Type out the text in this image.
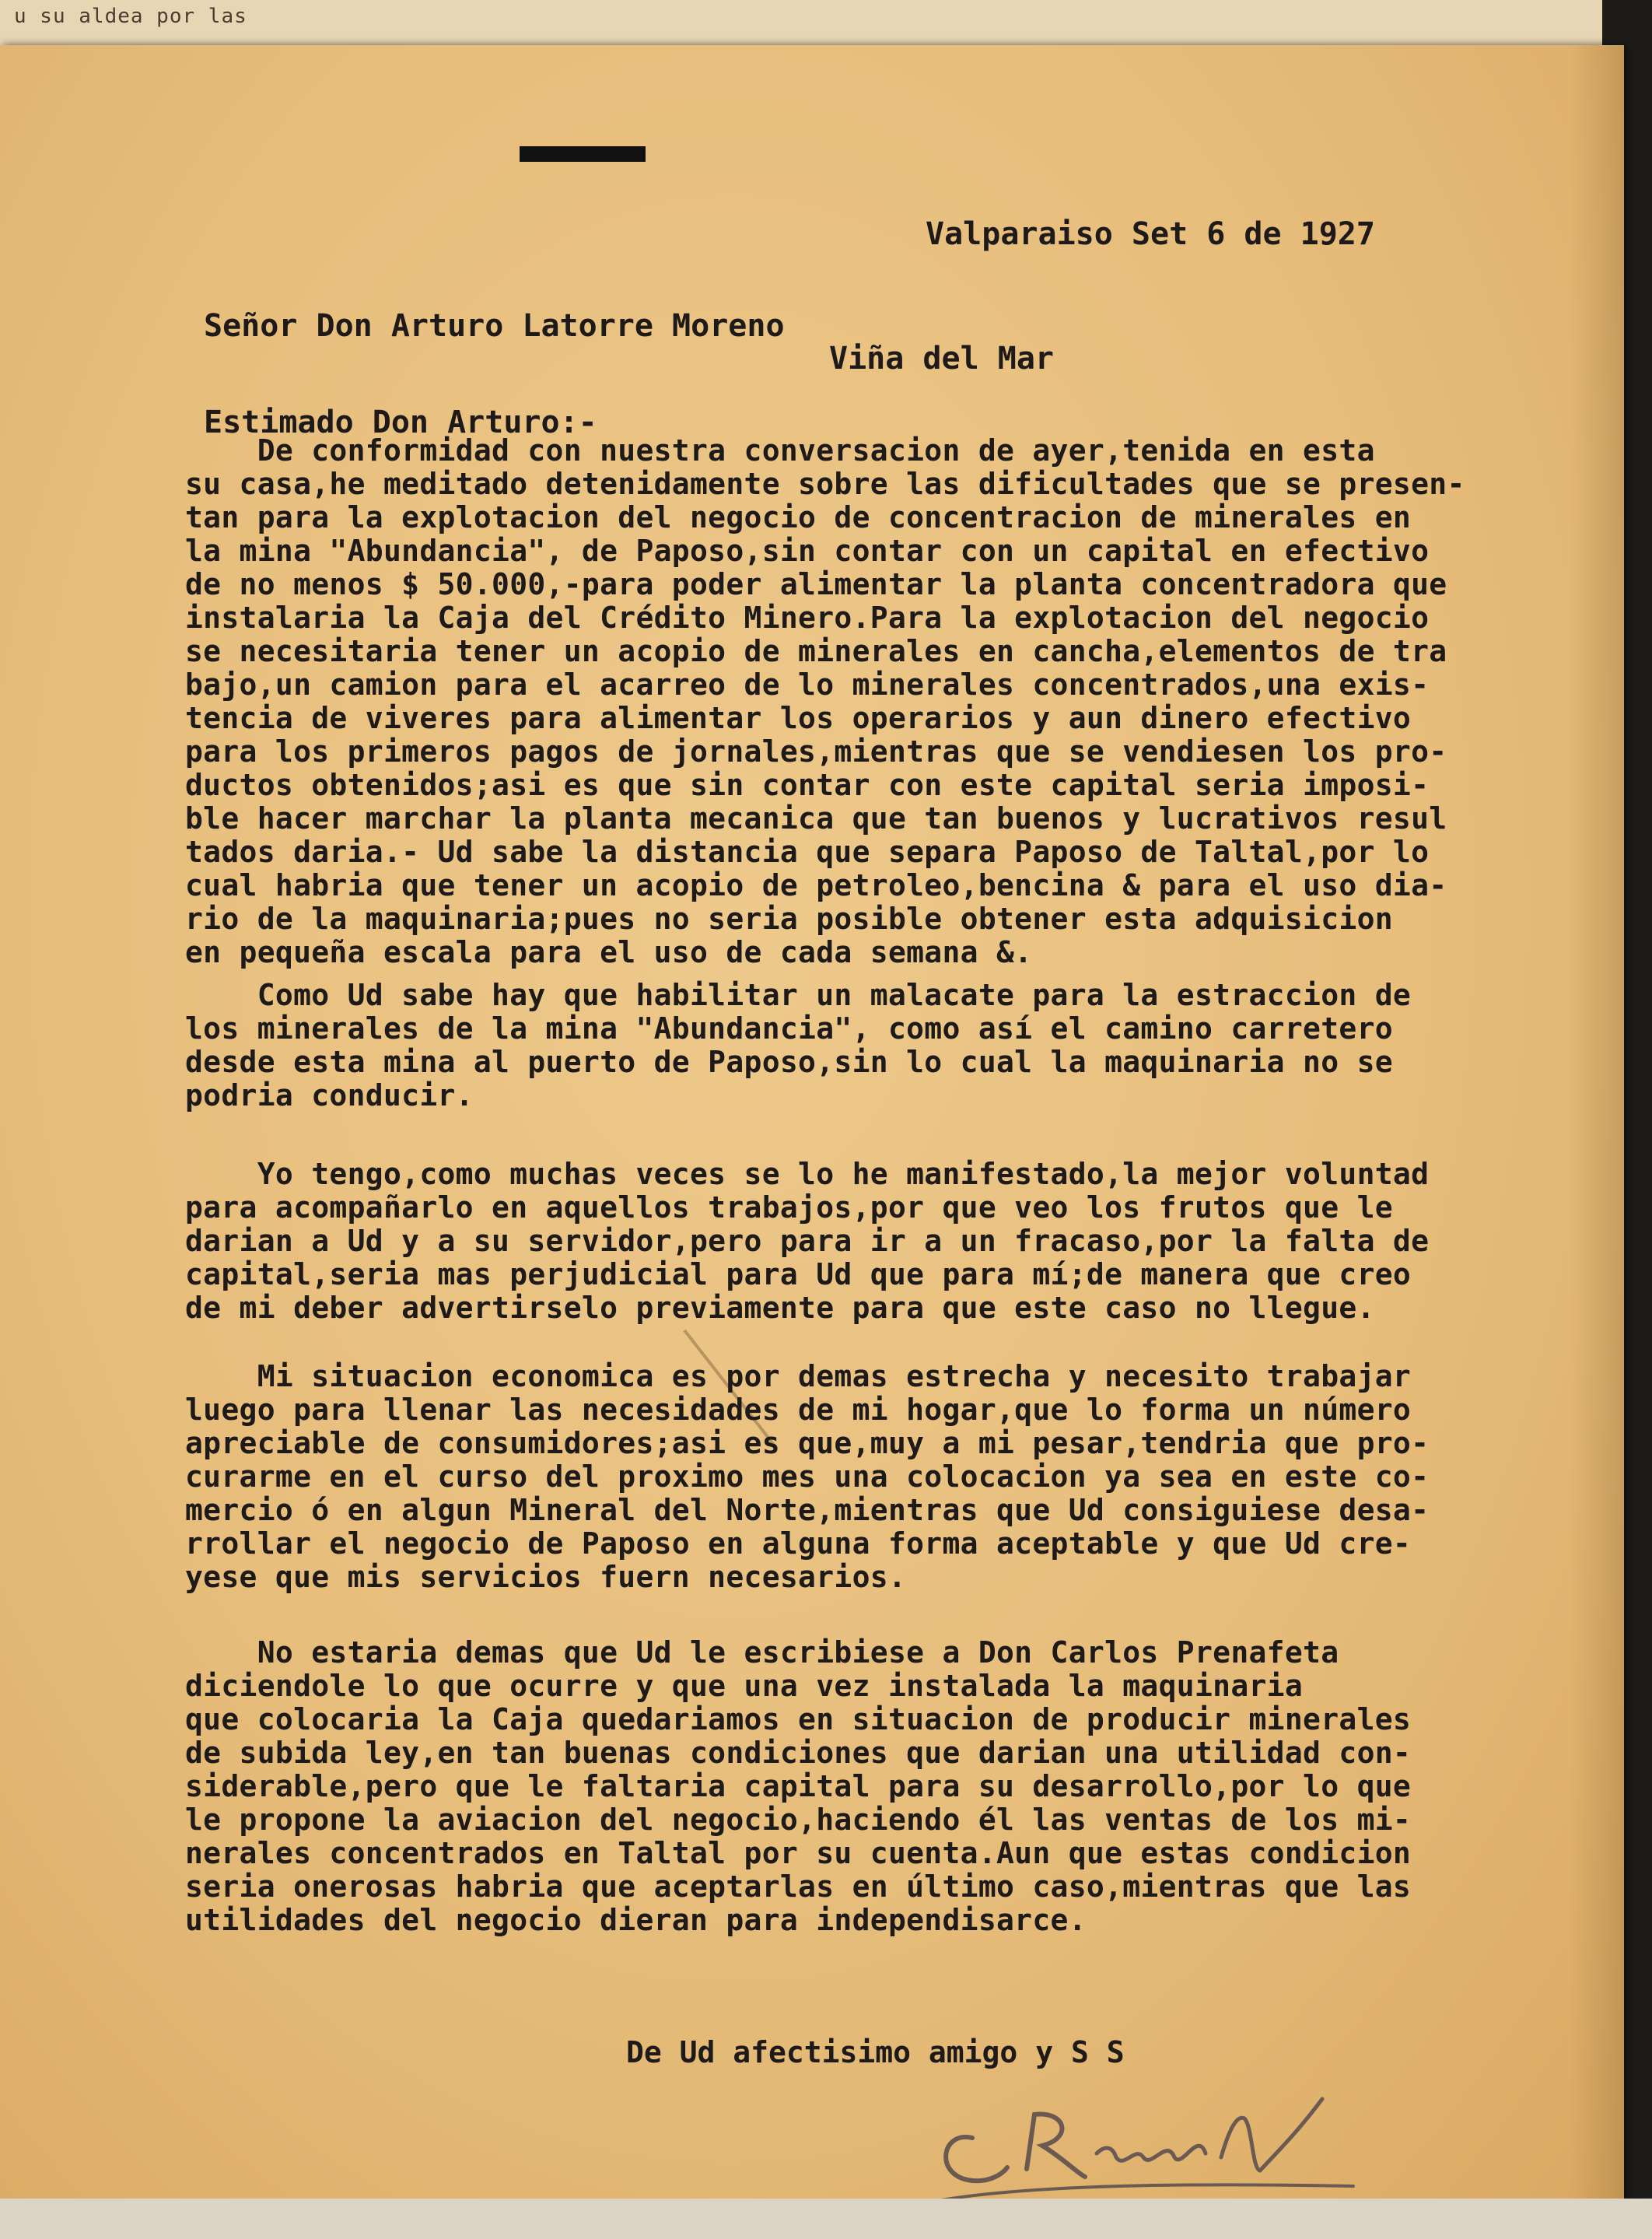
u su aldea por las
Valparaiso Set 6 de 1927
Señor Don Arturo Latorre Moreno
Viña del Mar
Estimado Don Arturo:-
De conformidad con nuestra conversacion de ayer,tenida en esta
su casa,he meditado detenidamente sobre las dificultades que se presen-
tan para la explotacion del negocio de concentracion de minerales en
la mina "Abundancia", de Paposo,sin contar con un capital en efectivo
de no menos $ 50.000,-para poder alimentar la planta concentradora que
instalaria la Caja del Crédito Minero.Para la explotacion del negocio
se necesitaria tener un acopio de minerales en cancha,elementos de tra
bajo,un camion para el acarreo de lo minerales concentrados,una exis-
tencia de viveres para alimentar los operarios y aun dinero efectivo
para los primeros pagos de jornales,mientras que se vendiesen los pro-
ductos obtenidos;asi es que sin contar con este capital seria imposi-
ble hacer marchar la planta mecanica que tan buenos y lucrativos resul
tados daria.- Ud sabe la distancia que separa Paposo de Taltal,por lo
cual habria que tener un acopio de petroleo,bencina & para el uso dia-
rio de la maquinaria;pues no seria posible obtener esta adquisicion
en pequeña escala para el uso de cada semana &.
Como Ud sabe hay que habilitar un malacate para la estraccion de
los minerales de la mina "Abundancia", como así el camino carretero
desde esta mina al puerto de Paposo,sin lo cual la maquinaria no se
podria conducir.
Yo tengo,como muchas veces se lo he manifestado,la mejor voluntad
para acompañarlo en aquellos trabajos,por que veo los frutos que le
darian a Ud y a su servidor,pero para ir a un fracaso,por la falta de
capital,seria mas perjudicial para Ud que para mí;de manera que creo
de mi deber advertirselo previamente para que este caso no llegue.
Mi situacion economica es por demas estrecha y necesito trabajar
luego para llenar las necesidades de mi hogar,que lo forma un número
apreciable de consumidores;asi es que,muy a mi pesar,tendria que pro-
curarme en el curso del proximo mes una colocacion ya sea en este co-
mercio ó en algun Mineral del Norte,mientras que Ud consiguiese desa-
rrollar el negocio de Paposo en alguna forma aceptable y que Ud cre-
yese que mis servicios fuern necesarios.
No estaria demas que Ud le escribiese a Don Carlos Prenafeta
diciendole lo que ocurre y que una vez instalada la maquinaria
que colocaria la Caja quedariamos en situacion de producir minerales
de subida ley,en tan buenas condiciones que darian una utilidad con-
siderable,pero que le faltaria capital para su desarrollo,por lo que
le propone la aviacion del negocio,haciendo él las ventas de los mi-
nerales concentrados en Taltal por su cuenta.Aun que estas condicion
seria onerosas habria que aceptarlas en último caso,mientras que las
utilidades del negocio dieran para independisarce.
De Ud afectisimo amigo y S S
